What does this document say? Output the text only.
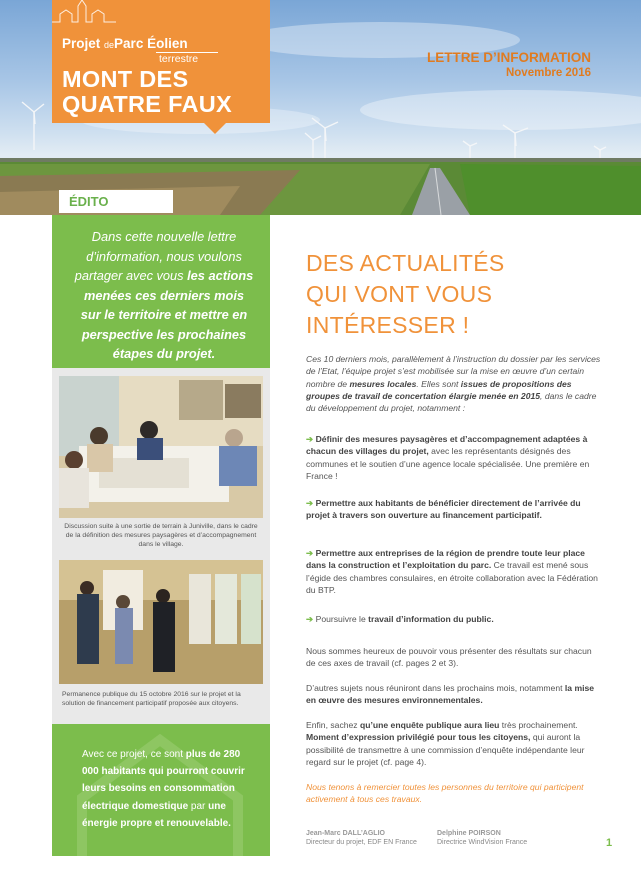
Projet deParc Éolien
terrestre
MONT DES
QUATRE FAUX
LETTRE D’INFORMATION
Novembre 2016
ÉDITO
Dans cette nouvelle lettre d’information, nous voulons partager avec vous les actions menées ces derniers mois sur le territoire et mettre en perspective les prochaines étapes du projet.
Discussion suite à une sortie de terrain à Juniville, dans le cadre de la définition des mesures paysagères et d’accompagnement dans le village.
Permanence publique du 15 octobre 2016 sur le projet et la solution de financement participatif proposée aux citoyens.
Avec ce projet, ce sont plus de 280 000 habitants qui pourront couvrir leurs besoins en consommation électrique domestique par une énergie propre et renouvelable.
DES ACTUALITÉS
QUI VONT VOUS
INTÉRESSER !
Ces 10 derniers mois, parallèlement à l’instruction du dossier par les services de l’Etat, l’équipe projet s’est mobilisée sur la mise en œuvre d’un certain nombre de mesures locales. Elles sont issues de propositions des groupes de travail de concertation élargie menée en 2015, dans le cadre du développement du projet, notamment :
➔ Définir des mesures paysagères et d’accompagnement adaptées à chacun des villages du projet, avec les représentants désignés des communes et le soutien d’une agence locale spécialisée. Une première en France !
➔ Permettre aux habitants de bénéficier directement de l’arrivée du projet à travers son ouverture au financement participatif.
➔ Permettre aux entreprises de la région de prendre toute leur place dans la construction et l’exploitation du parc. Ce travail est mené sous l’égide des chambres consulaires, en étroite collaboration avec la Fédération du BTP.
➔ Poursuivre le travail d’information du public.
Nous sommes heureux de pouvoir vous présenter des résultats sur chacun de ces axes de travail (cf. pages 2 et 3).
D’autres sujets nous réuniront dans les prochains mois, notamment la mise en œuvre des mesures environnementales.
Enfin, sachez qu’une enquête publique aura lieu très prochainement. Moment d’expression privilégié pour tous les citoyens, qui auront la possibilité de transmettre à une commission d’enquête indépendante leur regard sur le projet (cf. page 4).
Nous tenons à remercier toutes les personnes du territoire qui participent activement à tous ces travaux.
Jean-Marc DALL’AGLIO
Directeur du projet, EDF EN France
Delphine POIRSON
Directrice WindVision France	1
